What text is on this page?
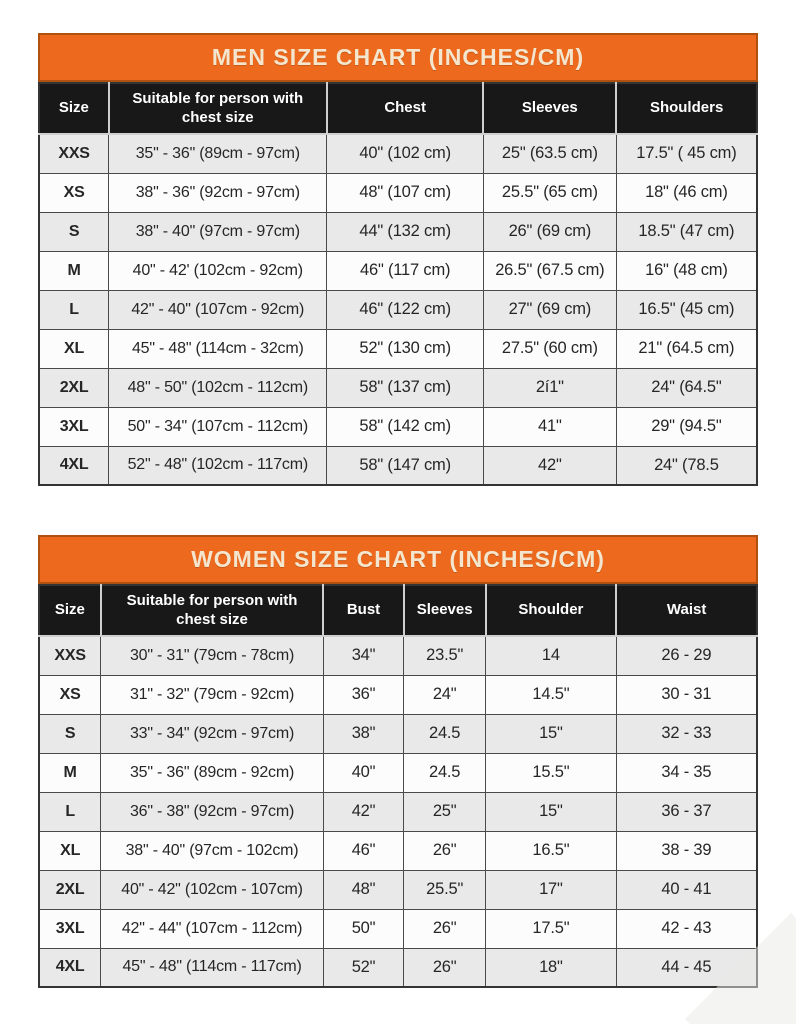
MEN SIZE CHART (INCHES/CM)
Size	Suitable for person with chest size	Chest	Sleeves	Shoulders
XXS	35" - 36" (89cm - 97cm)	40" (102 cm)	25" (63.5 cm)	17.5" ( 45 cm)
XS	38" - 36" (92cm - 97cm)	48" (107 cm)	25.5" (65 cm)	18" (46 cm)
S	38" - 40" (97cm - 97cm)	44" (132 cm)	26" (69 cm)	18.5" (47 cm)
M	40" - 42' (102cm - 92cm)	46" (117 cm)	26.5" (67.5 cm)	16" (48 cm)
L	42" - 40" (107cm - 92cm)	46" (122 cm)	27" (69 cm)	16.5" (45 cm)
XL	45" - 48" (114cm - 32cm)	52" (130 cm)	27.5" (60 cm)	21" (64.5 cm)
2XL	48" - 50" (102cm - 112cm)	58" (137 cm)	2í1"	24" (64.5"
3XL	50" - 34" (107cm - 112cm)	58" (142 cm)	41"	29" (94.5"
4XL	52" - 48" (102cm - 117cm)	58" (147 cm)	42"	24" (78.5
WOMEN SIZE CHART (INCHES/CM)
Size	Suitable for person with chest size	Bust	Sleeves	Shoulder	Waist
XXS	30" - 31" (79cm - 78cm)	34"	23.5"	14	26 - 29
XS	31" - 32" (79cm - 92cm)	36"	24"	14.5"	30 - 31
S	33" - 34" (92cm - 97cm)	38"	24.5	15"	32 - 33
M	35" - 36" (89cm - 92cm)	40"	24.5	15.5"	34 - 35
L	36" - 38" (92cm - 97cm)	42"	25"	15"	36 - 37
XL	38" - 40" (97cm - 102cm)	46"	26"	16.5"	38 - 39
2XL	40" - 42" (102cm - 107cm)	48"	25.5"	17"	40 - 41
3XL	42" - 44" (107cm - 112cm)	50"	26"	17.5"	42 - 43
4XL	45" - 48" (114cm - 117cm)	52"	26"	18"	44 - 45
